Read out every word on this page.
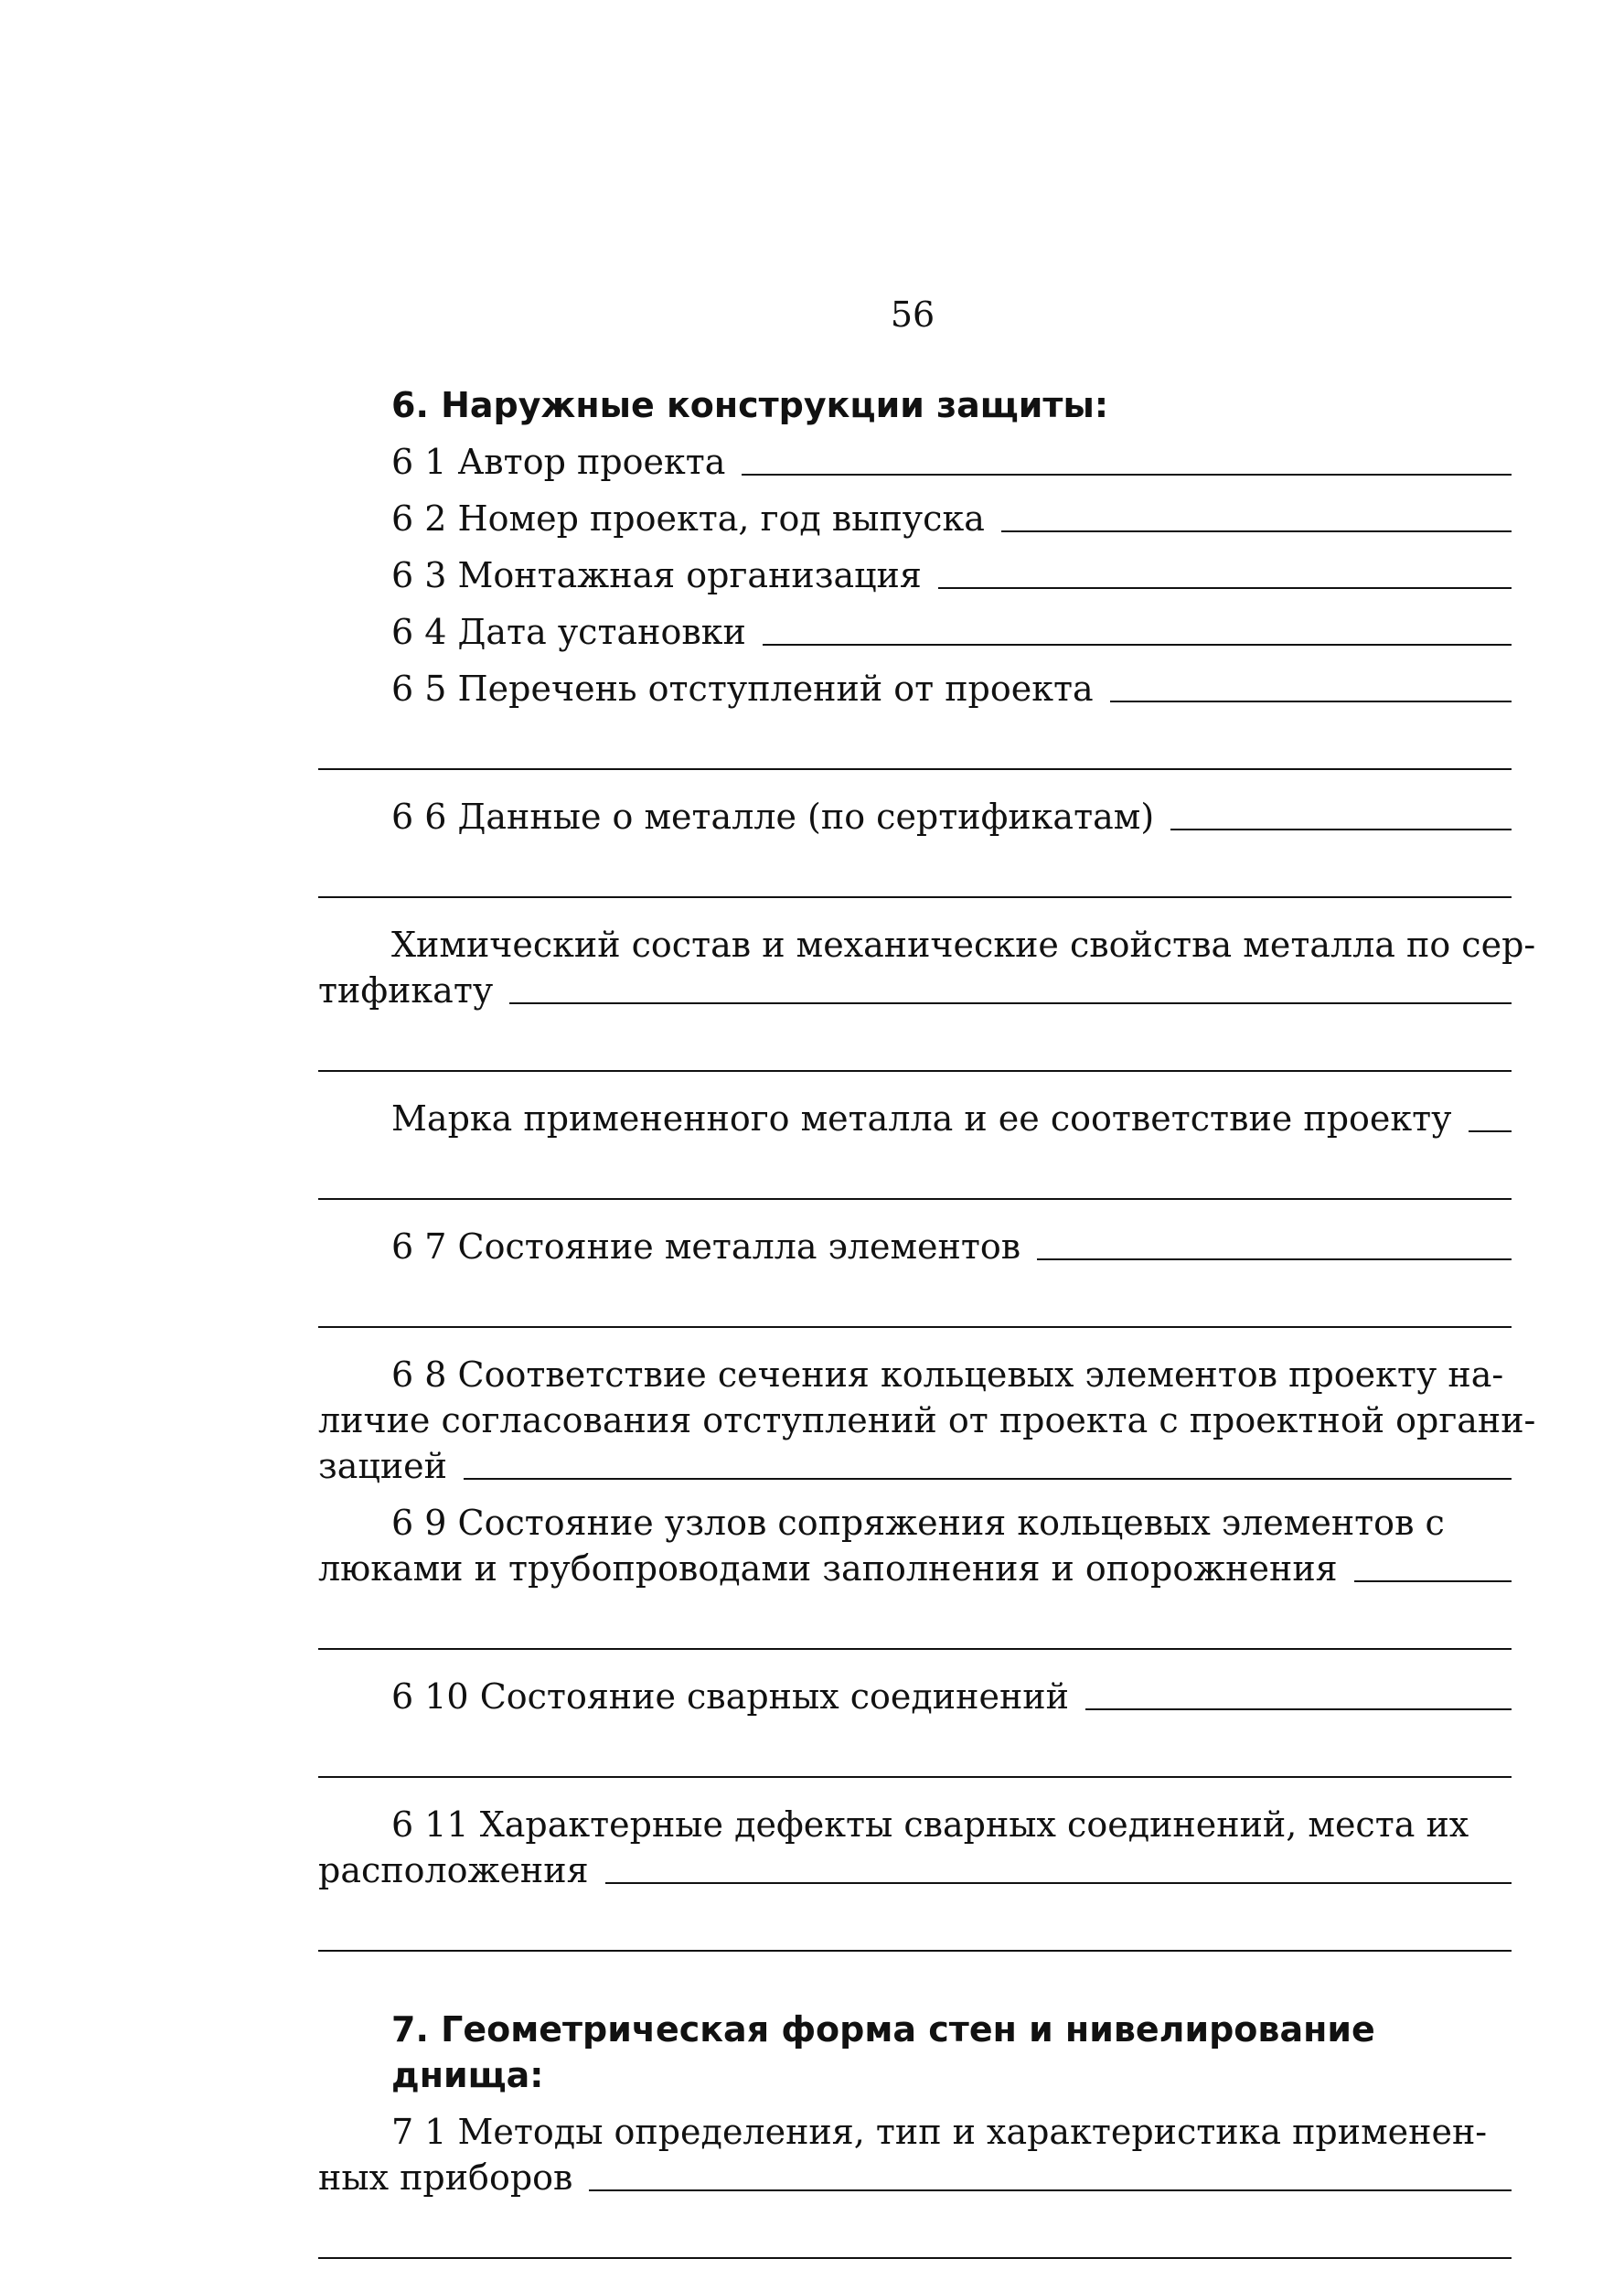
56
6. Наружные конструкции защиты:
6 1 Автор проекта
6 2 Номер проекта, год выпуска
6 3 Монтажная организация
6 4 Дата установки
6 5 Перечень отступлений от проекта
6 6 Данные о металле (по сертификатам)
Химический состав и механические свойства металла по сер-
тификату
Марка примененного металла и ее соответствие проекту
6 7 Состояние металла элементов
6 8 Соответствие сечения кольцевых элементов проекту на-
личие согласования отступлений от проекта с проектной органи-
зацией
6 9 Состояние узлов сопряжения кольцевых элементов с
люками и трубопроводами заполнения и опорожнения
6 10 Состояние сварных соединений
6 11 Характерные дефекты сварных соединений, места их
расположения
7. Геометрическая форма стен и нивелирование днища:
7 1 Методы определения, тип и характеристика применен-
ных приборов
